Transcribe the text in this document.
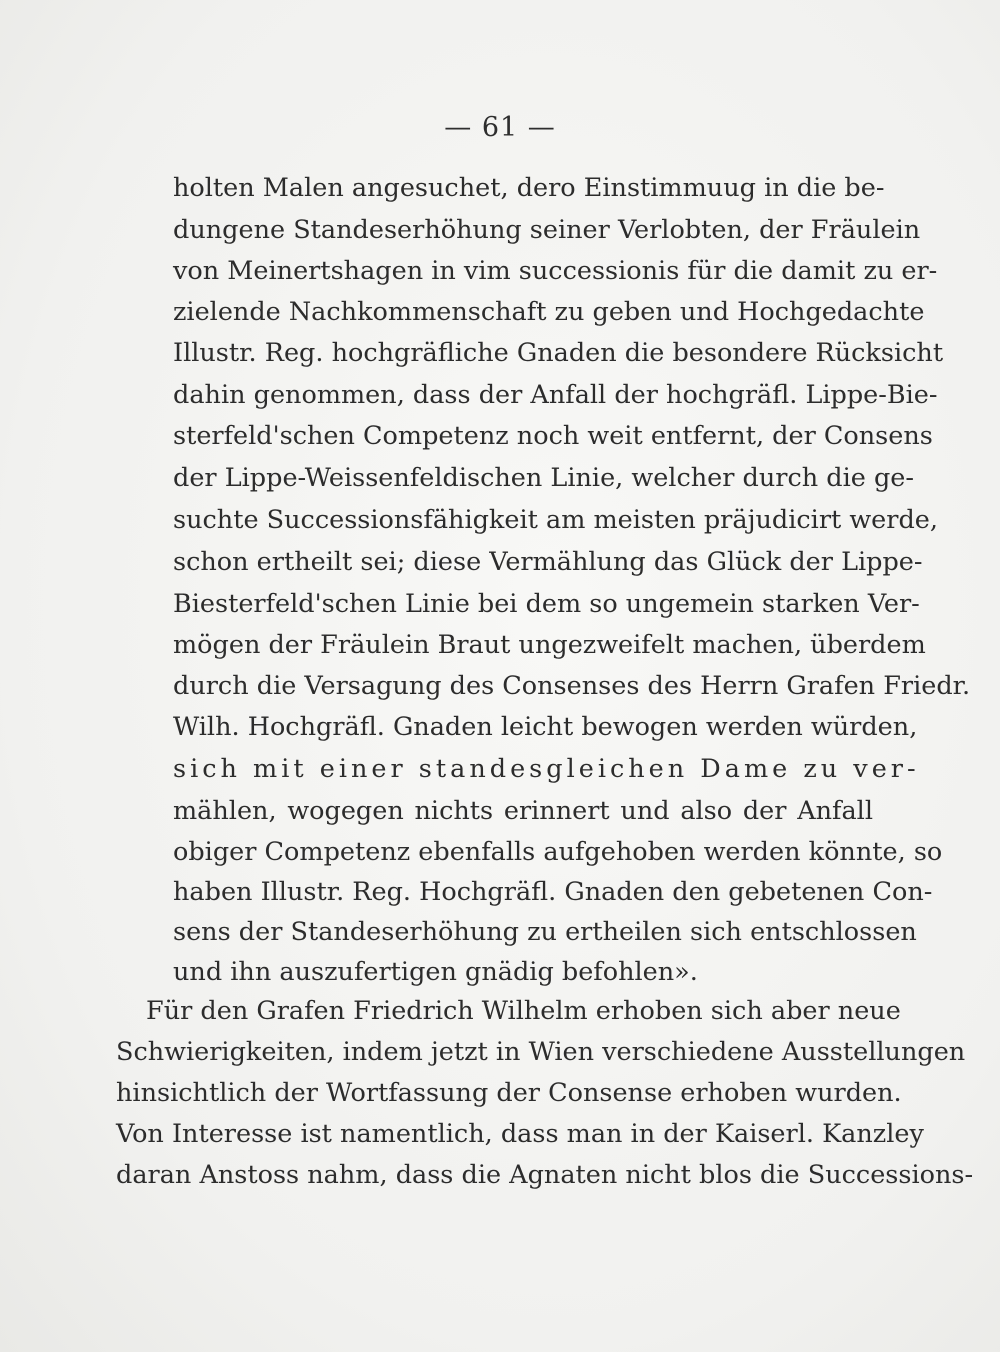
— 61 —
holten Malen angesuchet, dero Einstimmuug in die be-
dungene Standeserhöhung seiner Verlobten, der Fräulein
von Meinertshagen in vim successionis für die damit zu er-
zielende Nachkommenschaft zu geben und Hochgedachte
Illustr. Reg. hochgräfliche Gnaden die besondere Rücksicht
dahin genommen, dass der Anfall der hochgräfl. Lippe-Bie-
sterfeld'schen Competenz noch weit entfernt, der Consens
der Lippe-Weissenfeldischen Linie, welcher durch die ge-
suchte Successionsfähigkeit am meisten präjudicirt werde,
schon ertheilt sei; diese Vermählung das Glück der Lippe-
Biesterfeld'schen Linie bei dem so ungemein starken Ver-
mögen der Fräulein Braut ungezweifelt machen, überdem
durch die Versagung des Consenses des Herrn Grafen Friedr.
Wilh. Hochgräfl. Gnaden leicht bewogen werden würden,
sich mit einer standesgleichen Dame zu ver-
mählen, wogegen nichts erinnert und also der Anfall
obiger Competenz ebenfalls aufgehoben werden könnte, so
haben Illustr. Reg. Hochgräfl. Gnaden den gebetenen Con-
sens der Standeserhöhung zu ertheilen sich entschlossen
und ihn auszufertigen gnädig befohlen».
Für den Grafen Friedrich Wilhelm erhoben sich aber neue
Schwierigkeiten, indem jetzt in Wien verschiedene Ausstellungen
hinsichtlich der Wortfassung der Consense erhoben wurden.
Von Interesse ist namentlich, dass man in der Kaiserl. Kanzley
daran Anstoss nahm, dass die Agnaten nicht blos die Successions-
